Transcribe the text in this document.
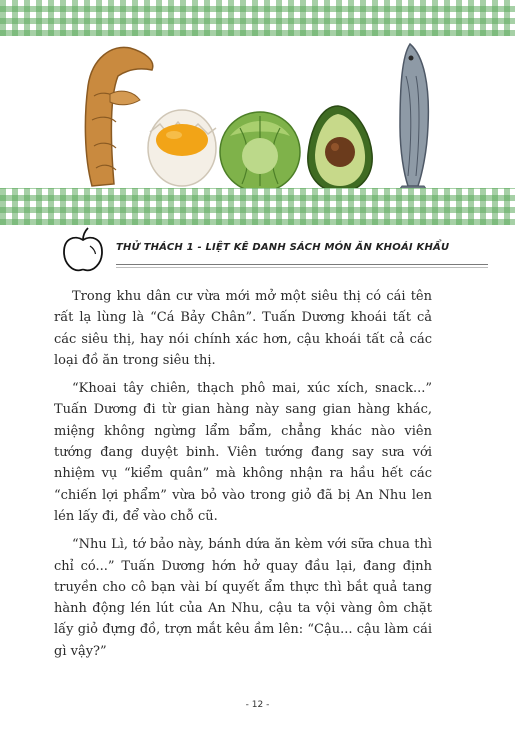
THỬ THÁCH 1 - LIỆT KÊ DANH SÁCH MÓN ĂN KHOÁI KHẨU

Trong khu dân cư vừa mới mở một siêu thị có cái tên rất lạ lùng là “Cá Bảy Chân”. Tuấn Dương khoái tất cả các siêu thị, hay nói chính xác hơn, cậu khoái tất cả các loại đồ ăn trong siêu thị.

“Khoai tây chiên, thạch phô mai, xúc xích, snack...” Tuấn Dương đi từ gian hàng này sang gian hàng khác, miệng không ngừng lẩm bẩm, chẳng khác nào viên tướng đang duyệt binh. Viên tướng đang say sưa với nhiệm vụ “kiểm quân” mà không nhận ra hầu hết các “chiến lợi phẩm” vừa bỏ vào trong giỏ đã bị An Nhu len lén lấy đi, để vào chỗ cũ.

“Nhu Lì, tớ bảo này, bánh dứa ăn kèm với sữa chua thì chỉ có...” Tuấn Dương hớn hở quay đầu lại, đang định truyền cho cô bạn vài bí quyết ẩm thực thì bắt quả tang hành động lén lút của An Nhu, cậu ta vội vàng ôm chặt lấy giỏ đựng đồ, trợn mắt kêu ầm lên: “Cậu... cậu làm cái gì vậy?”

- 12 -
